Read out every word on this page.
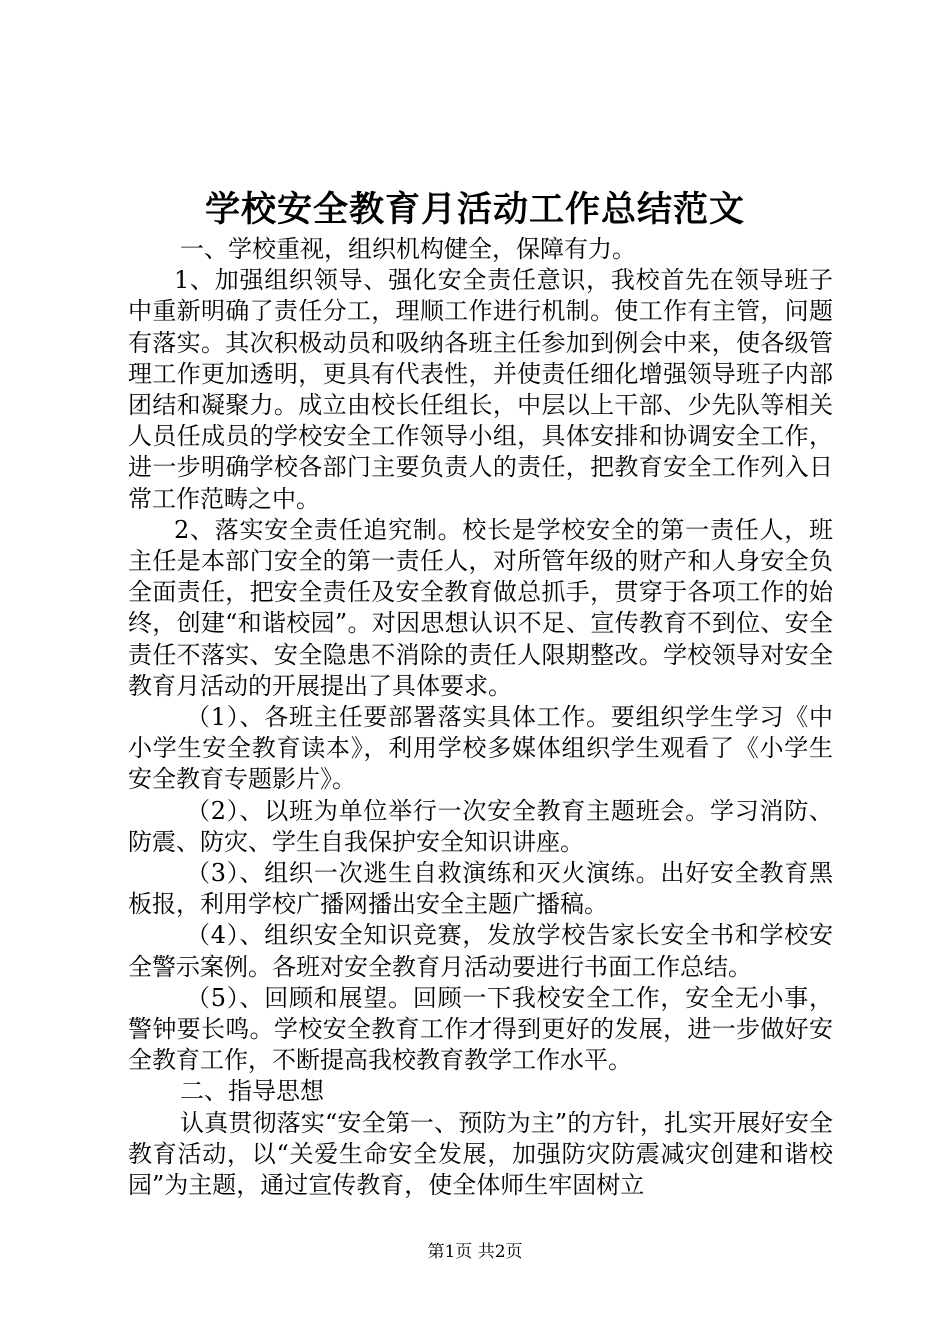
学校安全教育月活动工作总结范文

一、学校重视，组织机构健全，保障有力。

1、加强组织领导、强化安全责任意识，我校首先在领导班子中重新明确了责任分工，理顺工作进行机制。使工作有主管，问题有落实。其次积极动员和吸纳各班主任参加到例会中来，使各级管理工作更加透明，更具有代表性，并使责任细化增强领导班子内部团结和凝聚力。成立由校长任组长，中层以上干部、少先队等相关人员任成员的学校安全工作领导小组，具体安排和协调安全工作，进一步明确学校各部门主要负责人的责任，把教育安全工作列入日常工作范畴之中。

2、落实安全责任追究制。校长是学校安全的第一责任人，班主任是本部门安全的第一责任人，对所管年级的财产和人身安全负全面责任，把安全责任及安全教育做总抓手，贯穿于各项工作的始终，创建“和谐校园”。对因思想认识不足、宣传教育不到位、安全责任不落实、安全隐患不消除的责任人限期整改。学校领导对安全教育月活动的开展提出了具体要求。

（1）、各班主任要部署落实具体工作。要组织学生学习《中小学生安全教育读本》，利用学校多媒体组织学生观看了《小学生安全教育专题影片》。

（2）、以班为单位举行一次安全教育主题班会。学习消防、防震、防灾、学生自我保护安全知识讲座。

（3）、组织一次逃生自救演练和灭火演练。出好安全教育黑板报，利用学校广播网播出安全主题广播稿。

（4）、组织安全知识竞赛，发放学校告家长安全书和学校安全警示案例。各班对安全教育月活动要进行书面工作总结。

（5）、回顾和展望。回顾一下我校安全工作，安全无小事，警钟要长鸣。学校安全教育工作才得到更好的发展，进一步做好安全教育工作，不断提高我校教育教学工作水平。

二、指导思想

认真贯彻落实“安全第一、预防为主”的方针，扎实开展好安全教育活动，以“关爱生命安全发展，加强防灾防震减灾创建和谐校园”为主题，通过宣传教育，使全体师生牢固树立

第1页 共2页
